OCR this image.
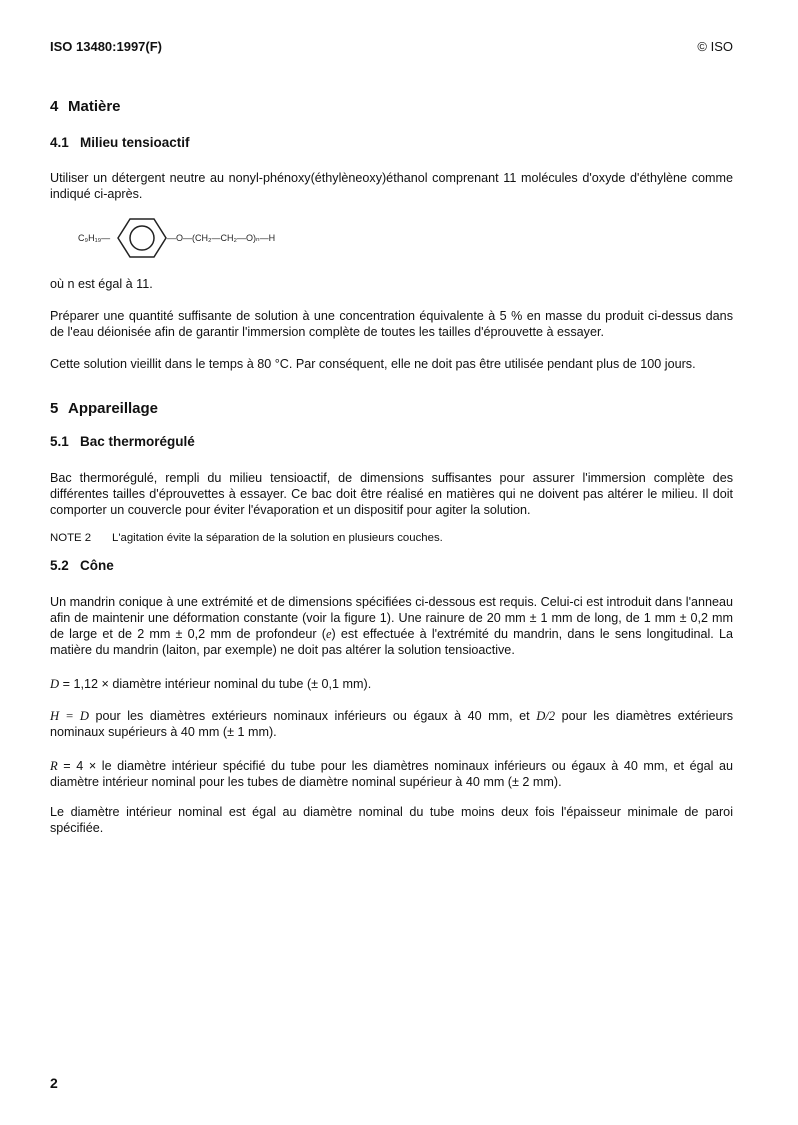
ISO 13480:1997(F)	© ISO
4 Matière
4.1 Milieu tensioactif
Utiliser un détergent neutre au nonyl-phénoxy(éthylèneoxy)éthanol comprenant 11 molécules d'oxyde d'éthylène comme indiqué ci-après.
C₉H₁₉—	—O—(CH₂—CH₂—O)ₙ—H
où n est égal à 11.
Préparer une quantité suffisante de solution à une concentration équivalente à 5 % en masse du produit ci-dessus dans de l'eau déionisée afin de garantir l'immersion complète de toutes les tailles d'éprouvette à essayer.
Cette solution vieillit dans le temps à 80 °C. Par conséquent, elle ne doit pas être utilisée pendant plus de 100 jours.
5 Appareillage
5.1 Bac thermorégulé
Bac thermorégulé, rempli du milieu tensioactif, de dimensions suffisantes pour assurer l'immersion complète des différentes tailles d'éprouvettes à essayer. Ce bac doit être réalisé en matières qui ne doivent pas altérer le milieu. Il doit comporter un couvercle pour éviter l'évaporation et un dispositif pour agiter la solution.
NOTE 2 L'agitation évite la séparation de la solution en plusieurs couches.
5.2 Cône
Un mandrin conique à une extrémité et de dimensions spécifiées ci-dessous est requis. Celui-ci est introduit dans l'anneau afin de maintenir une déformation constante (voir la figure 1). Une rainure de 20 mm ± 1 mm de long, de 1 mm ± 0,2 mm de large et de 2 mm ± 0,2 mm de profondeur (e) est effectuée à l'extrémité du mandrin, dans le sens longitudinal. La matière du mandrin (laiton, par exemple) ne doit pas altérer la solution tensioactive.
D = 1,12 × diamètre intérieur nominal du tube (± 0,1 mm).
H = D pour les diamètres extérieurs nominaux inférieurs ou égaux à 40 mm, et D/2 pour les diamètres extérieurs nominaux supérieurs à 40 mm (± 1 mm).
R = 4 × le diamètre intérieur spécifié du tube pour les diamètres nominaux inférieurs ou égaux à 40 mm, et égal au diamètre intérieur nominal pour les tubes de diamètre nominal supérieur à 40 mm (± 2 mm).
Le diamètre intérieur nominal est égal au diamètre nominal du tube moins deux fois l'épaisseur minimale de paroi spécifiée.
2
